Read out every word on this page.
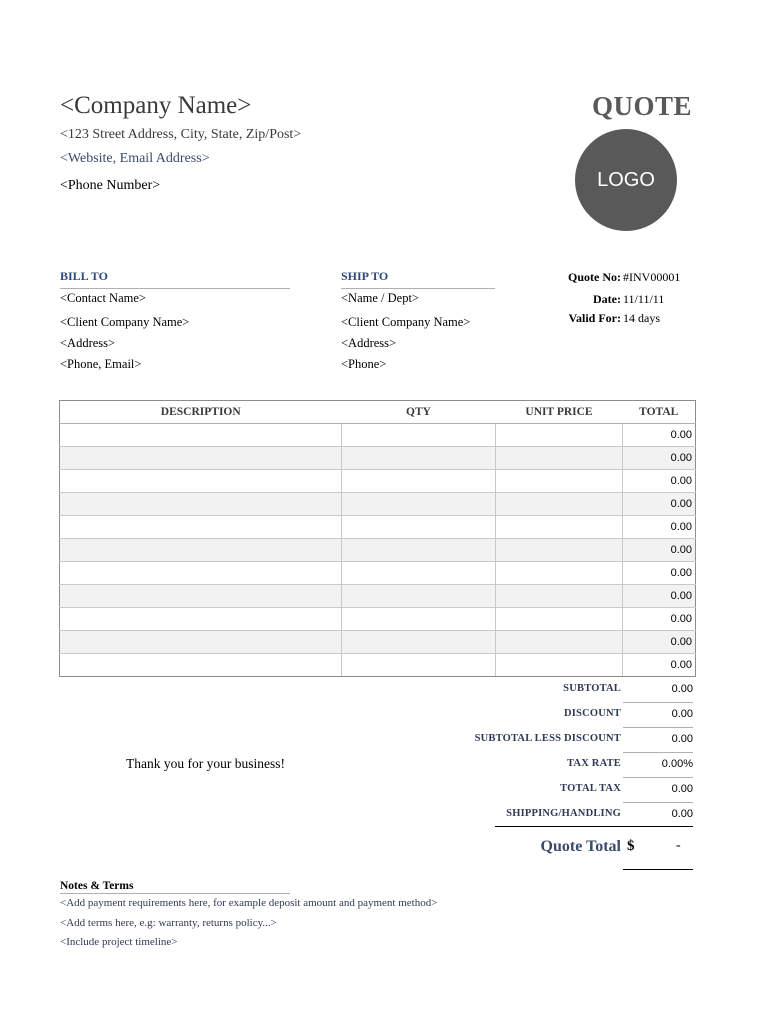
<Company Name>
<123 Street Address, City, State, Zip/Post>
<Website, Email Address>
<Phone Number>
QUOTE
LOGO
BILL TO
<Contact Name>
<Client Company Name>
<Address>
<Phone, Email>
SHIP TO
<Name / Dept>
<Client Company Name>
<Address>
<Phone>
Quote No: #INV00001
Date: 11/11/11
Valid For: 14 days
DESCRIPTION	QTY	UNIT PRICE	TOTAL
			0.00
			0.00
			0.00
			0.00
			0.00
			0.00
			0.00
			0.00
			0.00
			0.00
			0.00
SUBTOTAL	0.00
DISCOUNT	0.00
SUBTOTAL LESS DISCOUNT	0.00
TAX RATE	0.00%
TOTAL TAX	0.00
SHIPPING/HANDLING	0.00
Thank you for your business!
Quote Total $	-
Notes & Terms
<Add payment requirements here, for example deposit amount and payment method>
<Add terms here, e.g: warranty, returns policy...>
<Include project timeline>
